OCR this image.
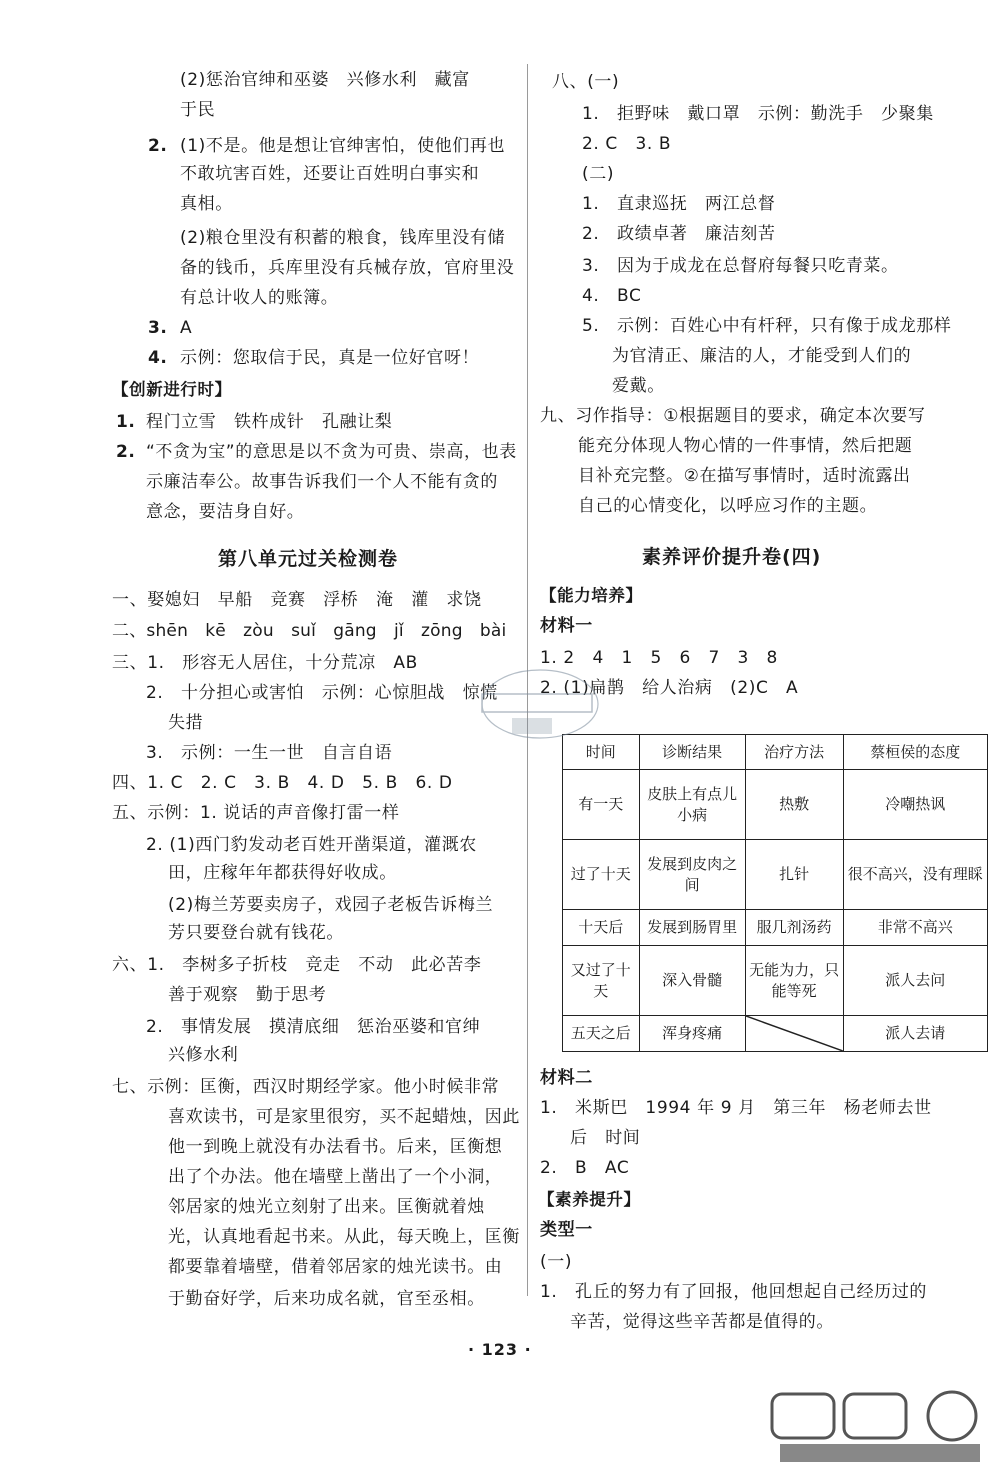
(2)惩治官绅和巫婆　兴修水利　藏富
于民
2. (1)不是。他是想让官绅害怕，使他们再也
不敢坑害百姓，还要让百姓明白事实和
真相。
(2)粮仓里没有积蓄的粮食，钱库里没有储
备的钱币，兵库里没有兵械存放，官府里没
有总计收人的账簿。
3. A
4. 示例：您取信于民，真是一位好官呀！
【创新进行时】
1. 程门立雪　铁杵成针　孔融让梨
2. “不贪为宝”的意思是以不贪为可贵、崇高，也表
示廉洁奉公。故事告诉我们一个人不能有贪的
意念，要洁身自好。
第八单元过关检测卷
一、娶媳妇　早船　竞赛　浮桥　淹　灌　求饶
二、shēn　kē　zòu　suǐ　gāng　jǐ　zōng　bài
三、1.　形容无人居住，十分荒凉　AB
2.　十分担心或害怕　示例：心惊胆战　惊慌
失措
3.　示例：一生一世　自言自语
四、1. C　2. C　3. B　4. D　5. B　6. D
五、示例：1. 说话的声音像打雷一样
2. (1)西门豹发动老百姓开凿渠道，灌溉农
田，庄稼年年都获得好收成。
(2)梅兰芳要卖房子，戏园子老板告诉梅兰
芳只要登台就有钱花。
六、1.　李树多子折枝　竞走　不动　此必苦李
善于观察　勤于思考
2.　事情发展　摸清底细　惩治巫婆和官绅
兴修水利
七、示例：匡衡，西汉时期经学家。他小时候非常
喜欢读书，可是家里很穷，买不起蜡烛，因此
他一到晚上就没有办法看书。后来，匡衡想
出了个办法。他在墙壁上凿出了一个小洞，
邻居家的烛光立刻射了出来。匡衡就着烛
光，认真地看起书来。从此，每天晚上，匡衡
都要靠着墙壁，借着邻居家的烛光读书。由
于勤奋好学，后来功成名就，官至丞相。
八、(一)
1.　拒野味　戴口罩　示例：勤洗手　少聚集
2. C　3. B
(二)
1.　直隶巡抚　两江总督
2.　政绩卓著　廉洁刻苦
3.　因为于成龙在总督府每餐只吃青菜。
4.　BC
5.　示例：百姓心中有杆秤，只有像于成龙那样
为官清正、廉洁的人，才能受到人们的
爱戴。
九、习作指导：①根据题目的要求，确定本次要写
能充分体现人物心情的一件事情，然后把题
目补充完整。②在描写事情时，适时流露出
自己的心情变化，以呼应习作的主题。
素养评价提升卷(四)
【能力培养】
材料一
1. 2　4　1　5　6　7　3　8
2. (1)扁鹊　给人治病　(2)C　A
材料二
1.　米斯巴　1994 年 9 月　第三年　杨老师去世
后　时间
2.　B　AC
【素养提升】
类型一
(一)
1.　孔丘的努力有了回报，他回想起自己经历过的
辛苦，觉得这些辛苦都是值得的。
时间	诊断结果	治疗方法	蔡桓侯的态度
有一天	皮肤上有点儿小病	热敷	冷嘲热讽
过了十天	发展到皮肉之间	扎针	很不高兴，没有理睬
十天后	发展到肠胃里	服几剂汤药	非常不高兴
又过了十天	深入骨髓	无能为力，只能等死	派人去问
五天之后	浑身疼痛		派人去请
· 123 ·
